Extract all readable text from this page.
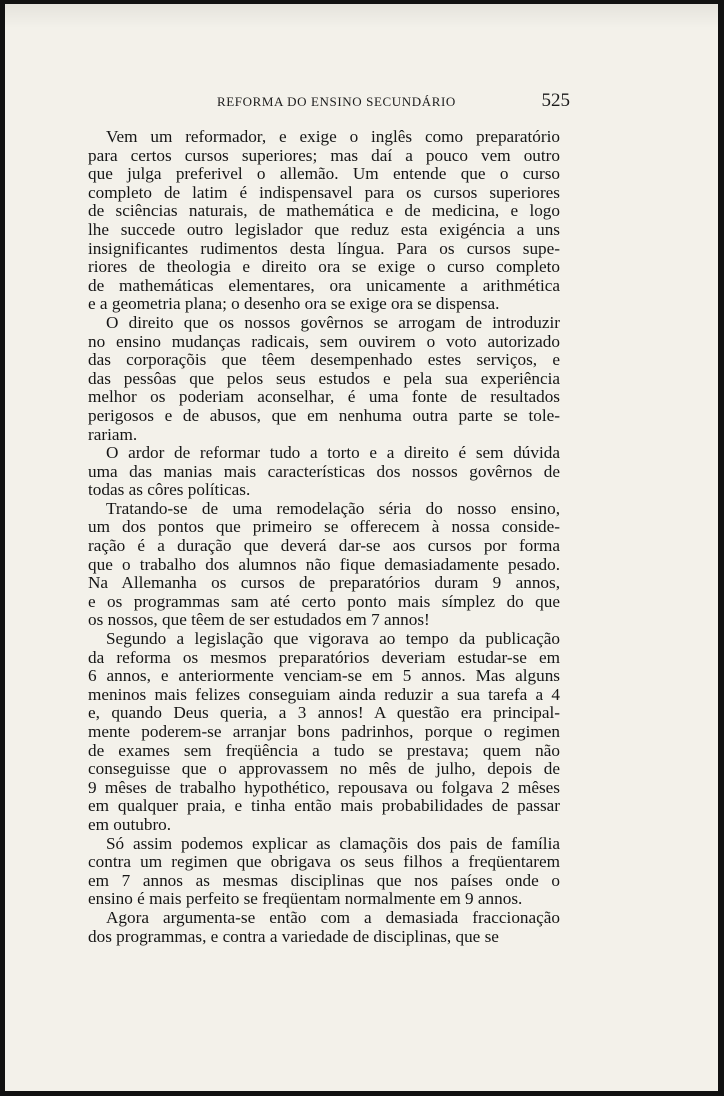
REFORMA DO ENSINO SECUNDÁRIO	525
Vem um reformador, e exige o inglês como preparatório
para certos cursos superiores; mas daí a pouco vem outro
que julga preferivel o allemão. Um entende que o curso
completo de latim é indispensavel para os cursos superiores
de sciências naturais, de mathemática e de medicina, e logo
lhe succede outro legislador que reduz esta exigéncia a uns
insignificantes rudimentos desta língua. Para os cursos supe-
riores de theologia e direito ora se exige o curso completo
de mathemáticas elementares, ora unicamente a arithmética
e a geometria plana; o desenho ora se exige ora se dispensa.
O direito que os nossos govêrnos se arrogam de introduzir
no ensino mudanças radicais, sem ouvirem o voto autorizado
das corporaçõis que têem desempenhado estes serviços, e
das pessôas que pelos seus estudos e pela sua experiência
melhor os poderiam aconselhar, é uma fonte de resultados
perigosos e de abusos, que em nenhuma outra parte se tole-
rariam.
O ardor de reformar tudo a torto e a direito é sem dúvida
uma das manias mais características dos nossos govêrnos de
todas as côres políticas.
Tratando-se de uma remodelação séria do nosso ensino,
um dos pontos que primeiro se offerecem à nossa conside-
ração é a duração que deverá dar-se aos cursos por forma
que o trabalho dos alumnos não fique demasiadamente pesado.
Na Allemanha os cursos de preparatórios duram 9 annos,
e os programmas sam até certo ponto mais símplez do que
os nossos, que têem de ser estudados em 7 annos!
Segundo a legislação que vigorava ao tempo da publicação
da reforma os mesmos preparatórios deveriam estudar-se em
6 annos, e anteriormente venciam-se em 5 annos. Mas alguns
meninos mais felizes conseguiam ainda reduzir a sua tarefa a 4
e, quando Deus queria, a 3 annos! A questão era principal-
mente poderem-se arranjar bons padrinhos, porque o regimen
de exames sem freqüência a tudo se prestava; quem não
conseguisse que o approvassem no mês de julho, depois de
9 mêses de trabalho hypothético, repousava ou folgava 2 mêses
em qualquer praia, e tinha então mais probabilidades de passar
em outubro.
Só assim podemos explicar as clamaçõis dos pais de família
contra um regimen que obrigava os seus filhos a freqüentarem
em 7 annos as mesmas disciplinas que nos países onde o
ensino é mais perfeito se freqüentam normalmente em 9 annos.
Agora argumenta-se então com a demasiada fraccionação
dos programmas, e contra a variedade de disciplinas, que se
